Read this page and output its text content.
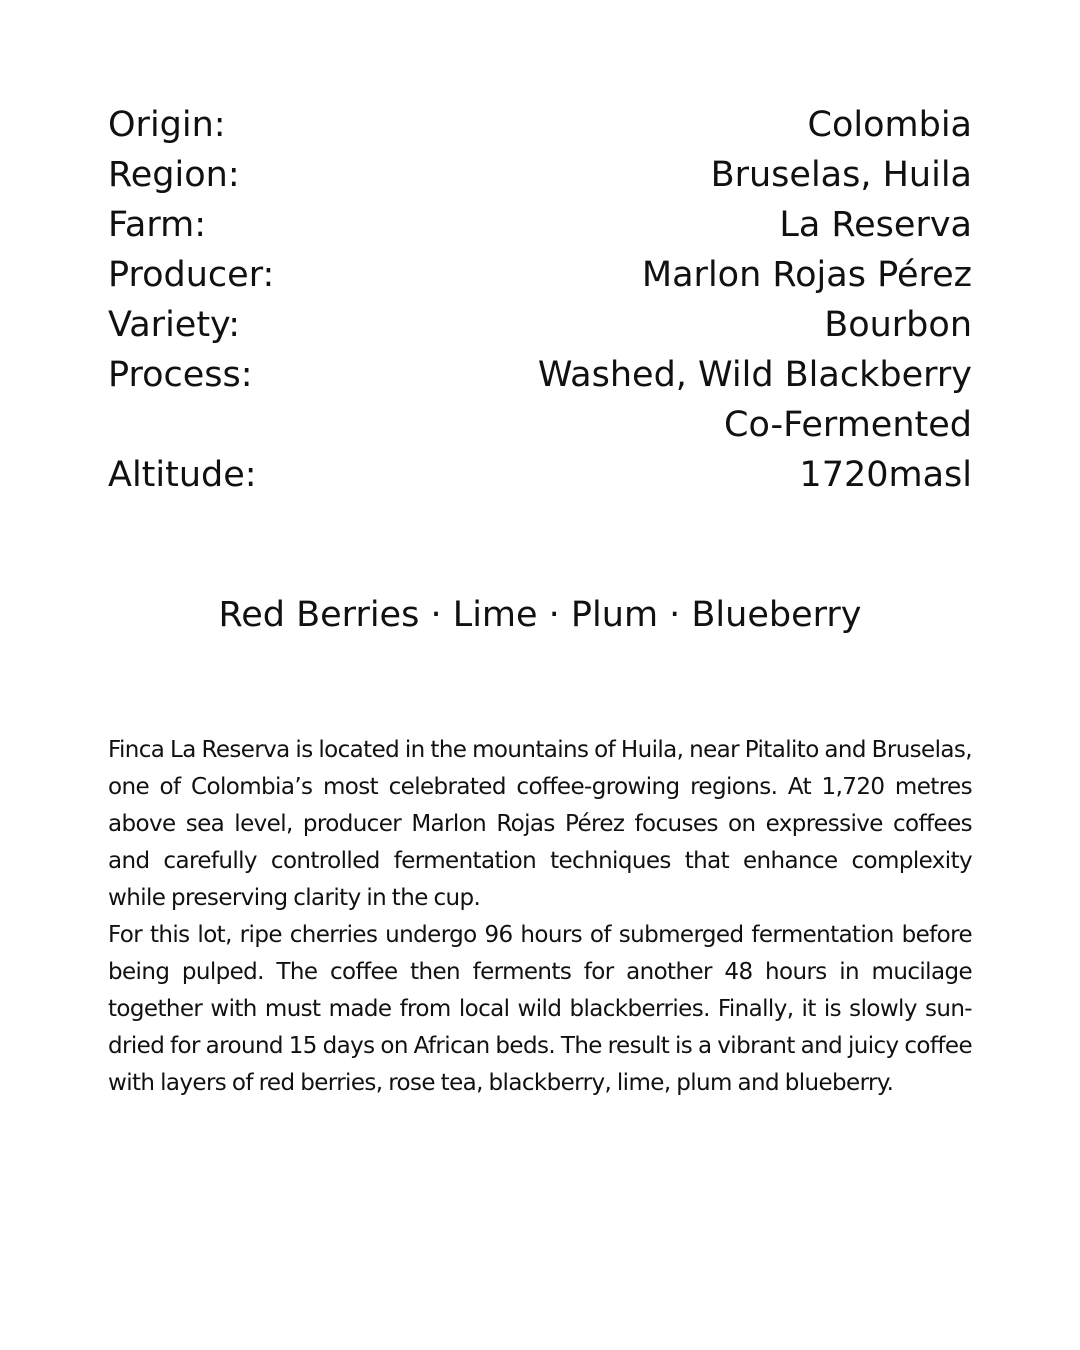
Origin:	Colombia
Region:	Bruselas, Huila
Farm:	La Reserva
Producer:	Marlon Rojas Pérez
Variety:	Bourbon
Process:	Washed, Wild Blackberry
Co-Fermented
Altitude:	1720masl
Red Berries · Lime · Plum · Blueberry

Finca La Reserva is located in the mountains of Huila, near Pitalito and Bruselas, one of Colombia’s most celebrated coffee-growing regions. At 1,720 metres above sea level, producer Marlon Rojas Pérez focuses on expressive coffees and carefully controlled fermentation techniques that enhance complexity while preserving clarity in the cup.

For this lot, ripe cherries undergo 96 hours of submerged fermentation before being pulped. The coffee then ferments for another 48 hours in mucilage together with must made from local wild blackberries. Finally, it is slowly sun-dried for around 15 days on African beds. The result is a vibrant and juicy coffee with layers of red berries, rose tea, blackberry, lime, plum and blueberry.
